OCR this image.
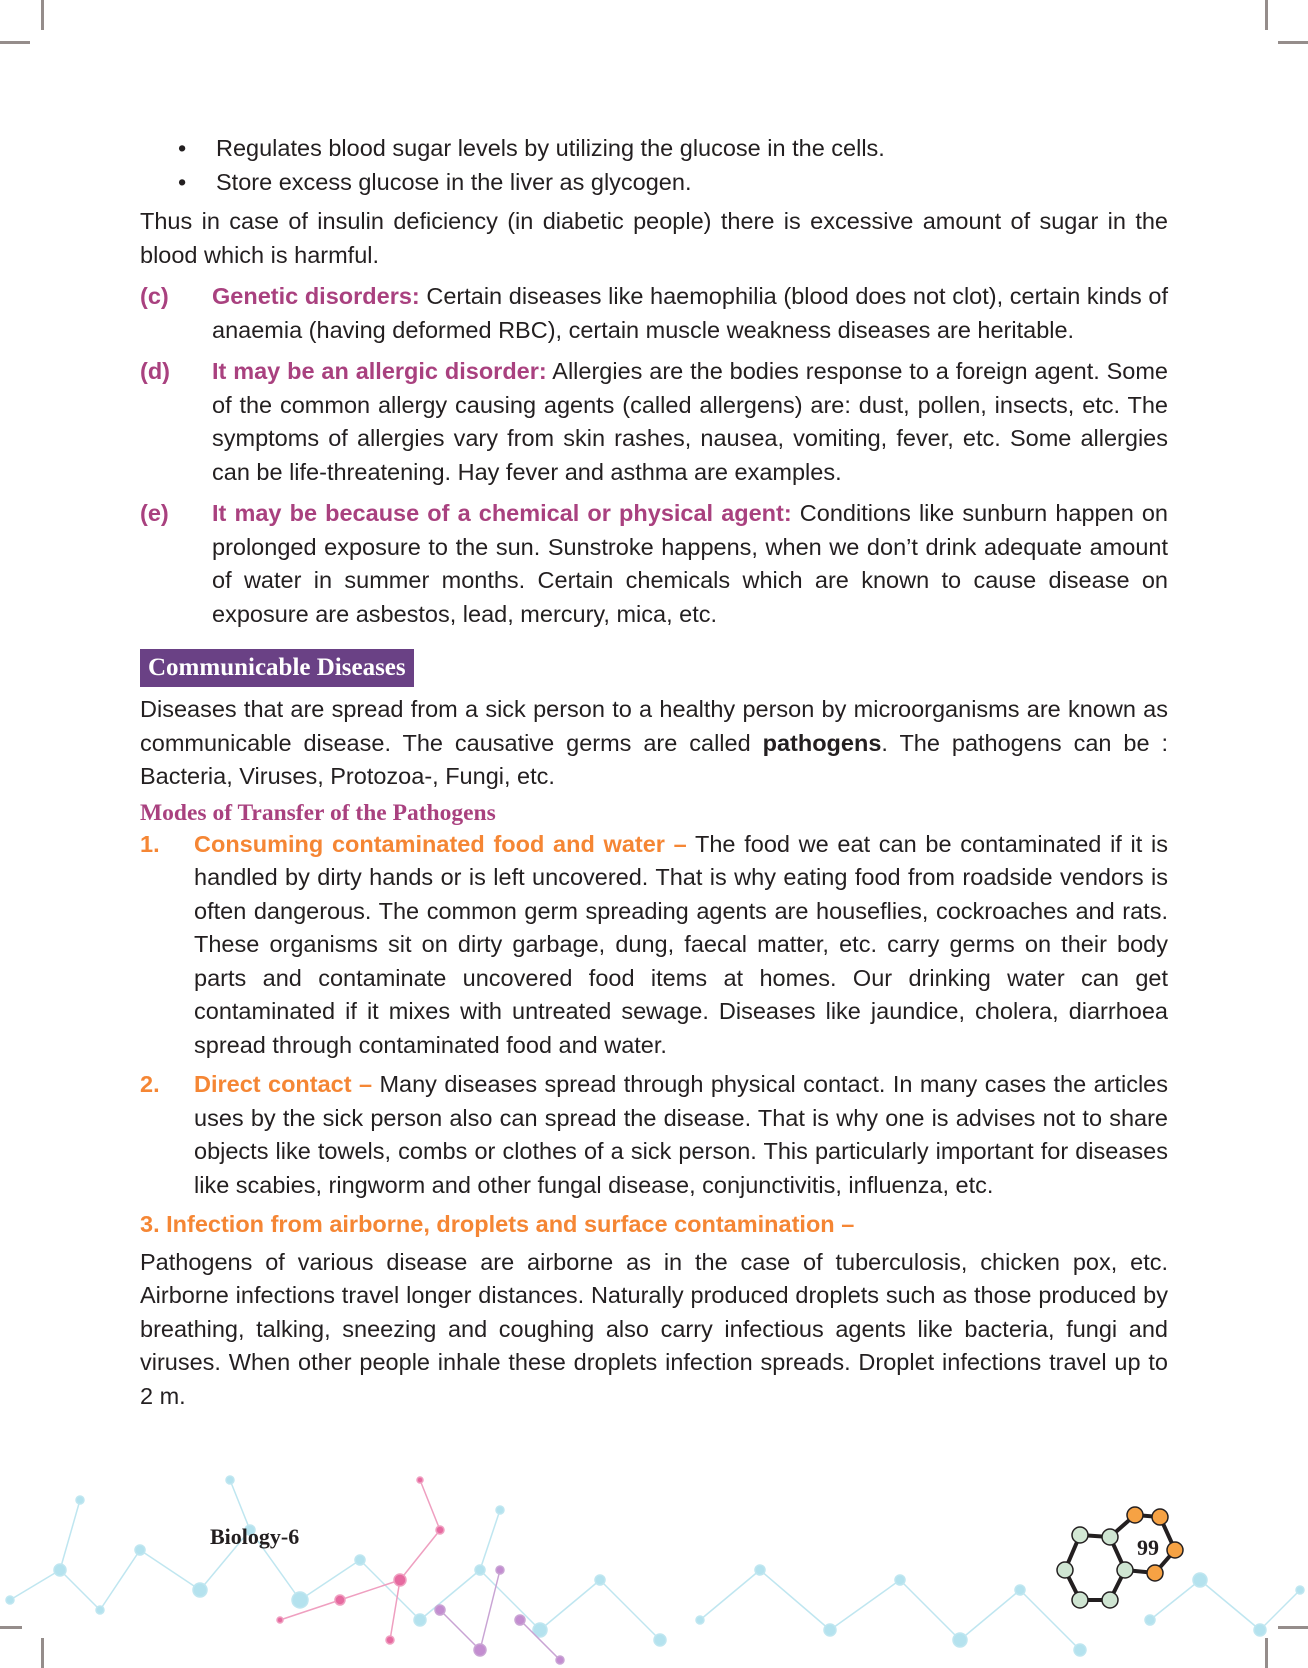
•	Regulates blood sugar levels by utilizing the glucose in the cells.
•	Store excess glucose in the liver as glycogen.

Thus in case of insulin deficiency (in diabetic people) there is excessive amount of sugar in the blood which is harmful.

(c)	Genetic disorders: Certain diseases like haemophilia (blood does not clot), certain kinds of anaemia (having deformed RBC), certain muscle weakness diseases are heritable.

(d)	It may be an allergic disorder: Allergies are the bodies response to a foreign agent. Some of the common allergy causing agents (called allergens) are: dust, pollen, insects, etc. The symptoms of allergies vary from skin rashes, nausea, vomiting, fever, etc. Some allergies can be life-threatening. Hay fever and asthma are examples.

(e)	It may be because of a chemical or physical agent: Conditions like sunburn happen on prolonged exposure to the sun. Sunstroke happens, when we don’t drink adequate amount of water in summer months. Certain chemicals which are known to cause disease on exposure are asbestos, lead, mercury, mica, etc.

Communicable Diseases

Diseases that are spread from a sick person to a healthy person by microorganisms are known as communicable disease. The causative germs are called pathogens. The pathogens can be : Bacteria, Viruses, Protozoa-, Fungi, etc.

Modes of Transfer of the Pathogens
1.	Consuming contaminated food and water – The food we eat can be contaminated if it is handled by dirty hands or is left uncovered. That is why eating food from roadside vendors is often dangerous. The common germ spreading agents are houseflies, cockroaches and rats. These organisms sit on dirty garbage, dung, faecal matter, etc. carry germs on their body parts and contaminate uncovered food items at homes. Our drinking water can get contaminated if it mixes with untreated sewage. Diseases like jaundice, cholera, diarrhoea spread through contaminated food and water.

2.	Direct contact – Many diseases spread through physical contact. In many cases the articles uses by the sick person also can spread the disease. That is why one is advises not to share objects like towels, combs or clothes of a sick person. This particularly important for diseases like scabies, ringworm and other fungal disease, conjunctivitis, influenza, etc.

3. Infection from airborne, droplets and surface contamination –

Pathogens of various disease are airborne as in the case of tuberculosis, chicken pox, etc. Airborne infections travel longer distances. Naturally produced droplets such as those produced by breathing, talking, sneezing and coughing also carry infectious agents like bacteria, fungi and viruses. When other people inhale these droplets infection spreads. Droplet infections travel up to 2 m.

Biology-6	99
